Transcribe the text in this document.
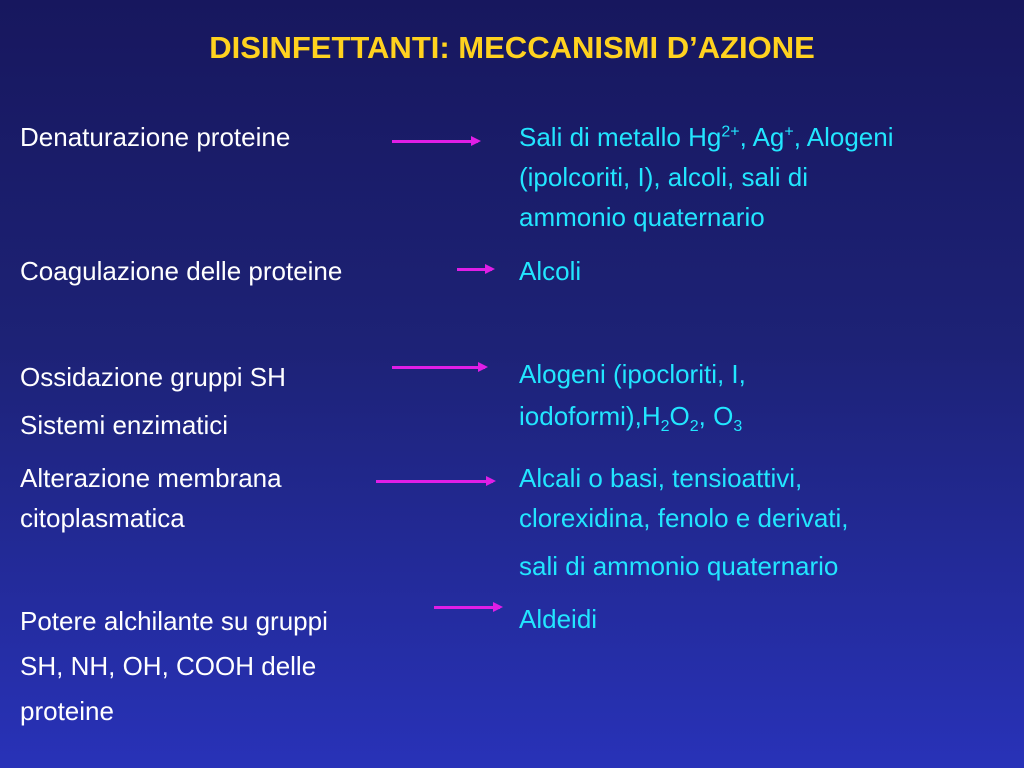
DISINFETTANTI: MECCANISMI D’AZIONE
Denaturazione proteine	Sali di metallo $Hg^{2+}$, Ag+, Alogeni
(ipolcoriti, I), alcoli, sali di
ammonio quaternario
Coagulazione delle proteine	Alcoli
Ossidazione gruppi SH
Sistemi enzimatici
Alogeni (ipocloriti, I,
$iodoformi),H_2O_2$, $O_3$
Alterazione membrana
citoplasmatica
Alcali o basi, tensioattivi,
clorexidina, fenolo e derivati,
sali di ammonio quaternario
Potere alchilante su gruppi
SH, NH, OH, COOH delle
proteine
Aldeidi
